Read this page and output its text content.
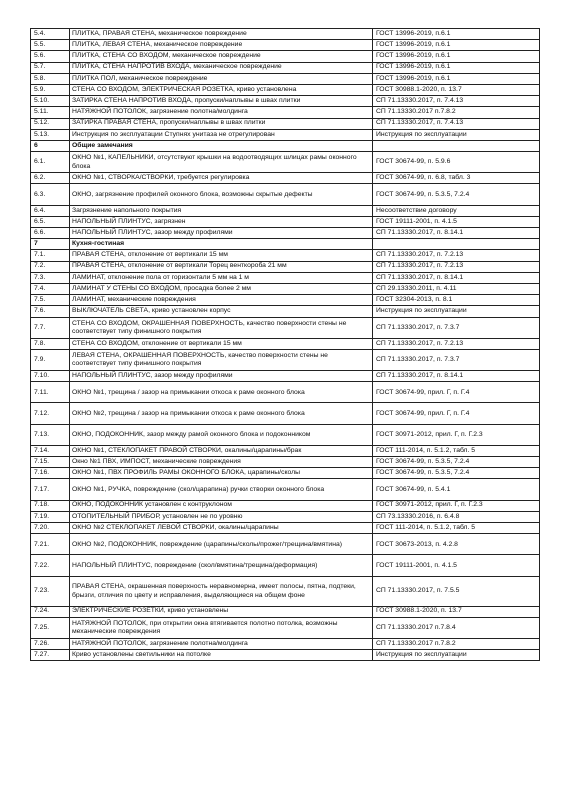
5.4.	ПЛИТКА, ПРАВАЯ СТЕНА, механическое повреждение	ГОСТ 13996-2019, п.6.1
5.5.	ПЛИТКА, ЛЕВАЯ СТЕНА, механическое повреждение	ГОСТ 13996-2019, п.6.1
5.6.	ПЛИТКА, СТЕНА СО ВХОДОМ, механическое повреждение	ГОСТ 13996-2019, п.6.1
5.7.	ПЛИТКА, СТЕНА НАПРОТИВ ВХОДА, механическое повреждение	ГОСТ 13996-2019, п.6.1
5.8.	ПЛИТКА ПОЛ, механическое повреждение	ГОСТ 13996-2019, п.6.1
5.9.	СТЕНА СО ВХОДОМ, ЭЛЕКТРИЧЕСКАЯ РОЗЕТКА, криво установлена	ГОСТ 30988.1-2020, п. 13.7
5.10.	ЗАТИРКА СТЕНА НАПРОТИВ ВХОДА, пропуски/наплывы в швах плитки	СП 71.13330.2017, п. 7.4.13
5.11.	НАТЯЖНОЙ ПОТОЛОК, загрязнение полотна/молдинга	СП 71.13330.2017 п.7.8.2
5.12.	ЗАТИРКА ПРАВАЯ СТЕНА, пропуски/наплывы в швах плитки	СП 71.13330.2017, п. 7.4.13
5.13.	Инструкция по эксплуатации Ступнях унитаза не отрегулирован	Инструкция по эксплуатации
6	Общие замечания	
6.1.	ОКНО №1, КАПЕЛЬНИКИ, отсутствуют крышки на водоотводящих шлицах рамы оконного блока	ГОСТ 30674-99, п. 5.9.6
6.2.	ОКНО №1, СТВОРКА/СТВОРКИ, требуется регулировка	ГОСТ 30674-99, п. 6.8, табл. 3
6.3.	ОКНО, загрязнение профилей оконного блока, возможны скрытые дефекты	ГОСТ 30674-99, п. 5.3.5, 7.2.4
6.4.	Загрязнение напольного покрытия	Несоответствие договору
6.5.	НАПОЛЬНЫЙ ПЛИНТУС, загрязнен	ГОСТ 19111-2001, п. 4.1.5
6.6.	НАПОЛЬНЫЙ ПЛИНТУС, зазор между профилями	СП 71.13330.2017, п. 8.14.1
7	Кухня-гостиная	
7.1.	ПРАВАЯ СТЕНА, отклонение от вертикали 15 мм	СП 71.13330.2017, п. 7.2.13
7.2.	ПРАВАЯ СТЕНА, отклонение от вертикали Торец венткороба 21 мм	СП 71.13330.2017, п. 7.2.13
7.3.	ЛАМИНАТ, отклонение пола от горизонтали 5 мм на 1 м	СП 71.13330.2017, п. 8.14.1
7.4.	ЛАМИНАТ У СТЕНЫ СО ВХОДОМ, просадка более 2 мм	СП 29.13330.2011, п. 4.11
7.5.	ЛАМИНАТ, механические повреждения	ГОСТ 32304-2013, п. 8.1
7.6.	ВЫКЛЮЧАТЕЛЬ СВЕТА, криво установлен корпус	Инструкция по эксплуатации
7.7.	СТЕНА СО ВХОДОМ, ОКРАШЕННАЯ ПОВЕРХНОСТЬ, качество поверхности стены не соответствует типу финишного покрытия	СП 71.13330.2017, п. 7.3.7
7.8.	СТЕНА СО ВХОДОМ, отклонение от вертикали 15 мм	СП 71.13330.2017, п. 7.2.13
7.9.	ЛЕВАЯ СТЕНА, ОКРАШЕННАЯ ПОВЕРХНОСТЬ, качество поверхности стены не соответствует типу финишного покрытия	СП 71.13330.2017, п. 7.3.7
7.10.	НАПОЛЬНЫЙ ПЛИНТУС, зазор между профилями	СП 71.13330.2017, п. 8.14.1
7.11.	ОКНО №1, трещина / зазор на примыкании откоса к раме оконного блока	ГОСТ 30674-99, прил. Г, п. Г.4
7.12.	ОКНО №2, трещина / зазор на примыкании откоса к раме оконного блока	ГОСТ 30674-99, прил. Г, п. Г.4
7.13.	ОКНО, ПОДОКОННИК, зазор между рамой оконного блока и подоконником	ГОСТ 30971-2012, прил. Г, п. Г.2.3
7.14.	ОКНО №1, СТЕКЛОПАКЕТ ПРАВОЙ СТВОРКИ, окалины/царапины/брак	ГОСТ 111-2014, п. 5.1.2, табл. 5
7.15.	Окно №1 ПВХ, ИМПОСТ, механические повреждения	ГОСТ 30674-99, п. 5.3.5, 7.2.4
7.16.	ОКНО №1, ПВХ ПРОФИЛЬ РАМЫ ОКОННОГО БЛОКА, царапины/сколы	ГОСТ 30674-99, п. 5.3.5, 7.2.4
7.17.	ОКНО №1, РУЧКА, повреждение (скол/царапина) ручки створки оконного блока	ГОСТ 30674-99, п. 5.4.1
7.18.	ОКНО, ПОДОКОННИК установлен с контруклоном	ГОСТ 30971-2012, прил. Г, п. Г.2.3
7.19.	ОТОПИТЕЛЬНЫЙ ПРИБОР, установлен не по уровню	СП 73.13330.2016, п. 6.4.8
7.20.	ОКНО №2 СТЕКЛОПАКЕТ ЛЕВОЙ СТВОРКИ, окалины/царапины	ГОСТ 111-2014, п. 5.1.2, табл. 5
7.21.	ОКНО №2, ПОДОКОННИК, повреждение (царапины/сколы/прожег/трещина/вмятина)	ГОСТ 30673-2013, п. 4.2.8
7.22.	НАПОЛЬНЫЙ ПЛИНТУС, повреждение (скол/вмятина/трещина/деформация)	ГОСТ 19111-2001, п. 4.1.5
7.23.	ПРАВАЯ СТЕНА, окрашенная поверхность неравномерна, имеет полосы, пятна, подтеки, брызги, отличия по цвету и исправления, выделяющиеся на общем фоне	СП 71.13330.2017, п. 7.5.5
7.24.	ЭЛЕКТРИЧЕСКИЕ РОЗЕТКИ, криво установлены	ГОСТ 30988.1-2020, п. 13.7
7.25.	НАТЯЖНОЙ ПОТОЛОК, при открытии окна втягивается полотно потолка, возможны механические повреждения	СП 71.13330.2017 п.7.8.4
7.26.	НАТЯЖНОЙ ПОТОЛОК, загрязнение полотна/молдинга	СП 71.13330.2017 п.7.8.2
7.27.	Криво установлены светильники на потолке	Инструкция по эксплуатации
